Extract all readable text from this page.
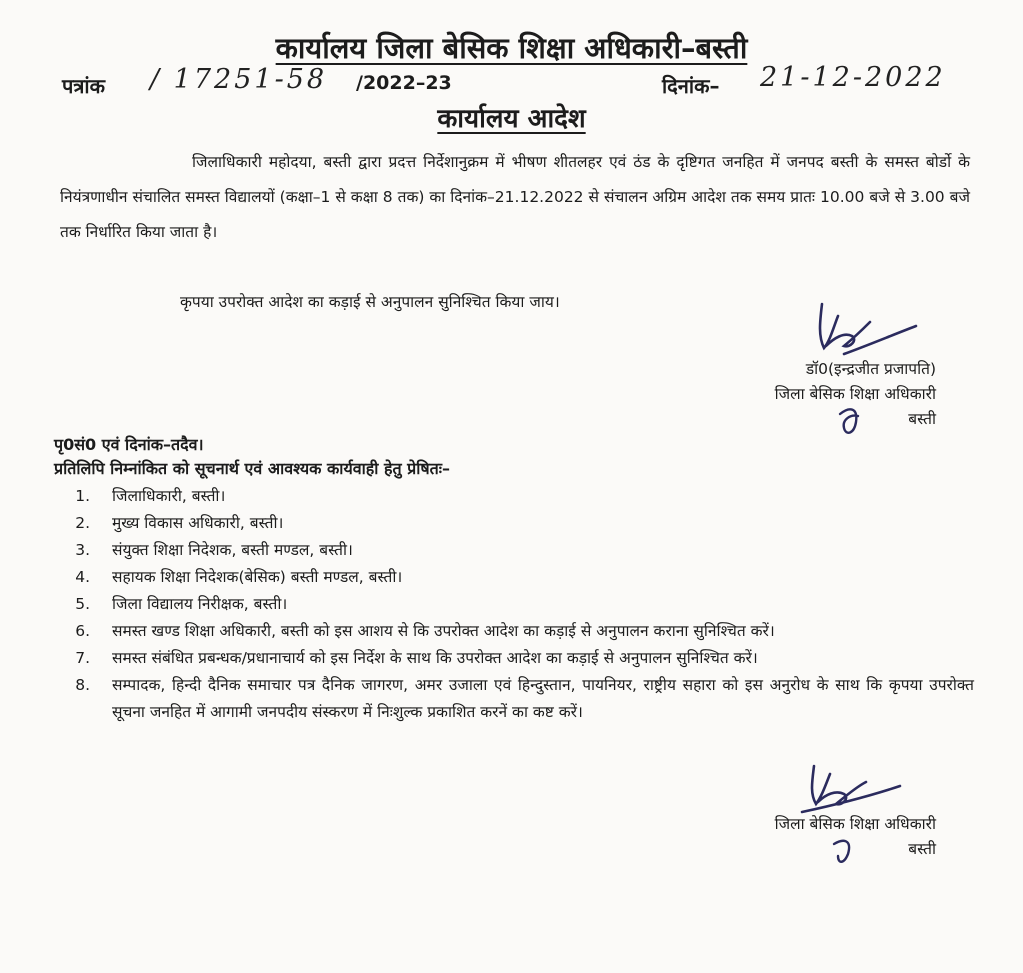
कार्यालय जिला बेसिक शिक्षा अधिकारी–बस्ती
पत्रांक / 17251-58 /2022–23	दिनांक– 21-12-2022
कार्यालय आदेश
जिलाधिकारी महोदया, बस्ती द्वारा प्रदत्त निर्देशानुक्रम में भीषण शीतलहर एवं ठंड के दृष्टिगत जनहित में जनपद बस्ती के समस्त बोर्डो के नियंत्रणाधीन संचालित समस्त विद्यालयों (कक्षा–1 से कक्षा 8 तक) का दिनांक–21.12.2022 से संचालन अग्रिम आदेश तक समय प्रातः 10.00 बजे से 3.00 बजे तक निर्धारित किया जाता है।
कृपया उपरोक्त आदेश का कड़ाई से अनुपालन सुनिश्चित किया जाय।
डॉ0(इन्द्रजीत प्रजापति)
जिला बेसिक शिक्षा अधिकारी
बस्ती
पृ0सं0 एवं दिनांक–तदैव।
प्रतिलिपि निम्नांकित को सूचनार्थ एवं आवश्यक कार्यवाही हेतु प्रेषितः–
1.	जिलाधिकारी, बस्ती।
2.	मुख्य विकास अधिकारी, बस्ती।
3.	संयुक्त शिक्षा निदेशक, बस्ती मण्डल, बस्ती।
4.	सहायक शिक्षा निदेशक(बेसिक) बस्ती मण्डल, बस्ती।
5.	जिला विद्यालय निरीक्षक, बस्ती।
6.	समस्त खण्ड शिक्षा अधिकारी, बस्ती को इस आशय से कि उपरोक्त आदेश का कड़ाई से अनुपालन कराना सुनिश्चित करें।
7.	समस्त संबंधित प्रबन्धक/प्रधानाचार्य को इस निर्देश के साथ कि उपरोक्त आदेश का कड़ाई से अनुपालन सुनिश्चित करें।
8.	सम्पादक, हिन्दी दैनिक समाचार पत्र दैनिक जागरण, अमर उजाला एवं हिन्दुस्तान, पायनियर, राष्ट्रीय सहारा को इस अनुरोध के साथ कि कृपया उपरोक्त सूचना जनहित में आगामी जनपदीय संस्करण में निःशुल्क प्रकाशित करनें का कष्ट करें।
जिला बेसिक शिक्षा अधिकारी
बस्ती
